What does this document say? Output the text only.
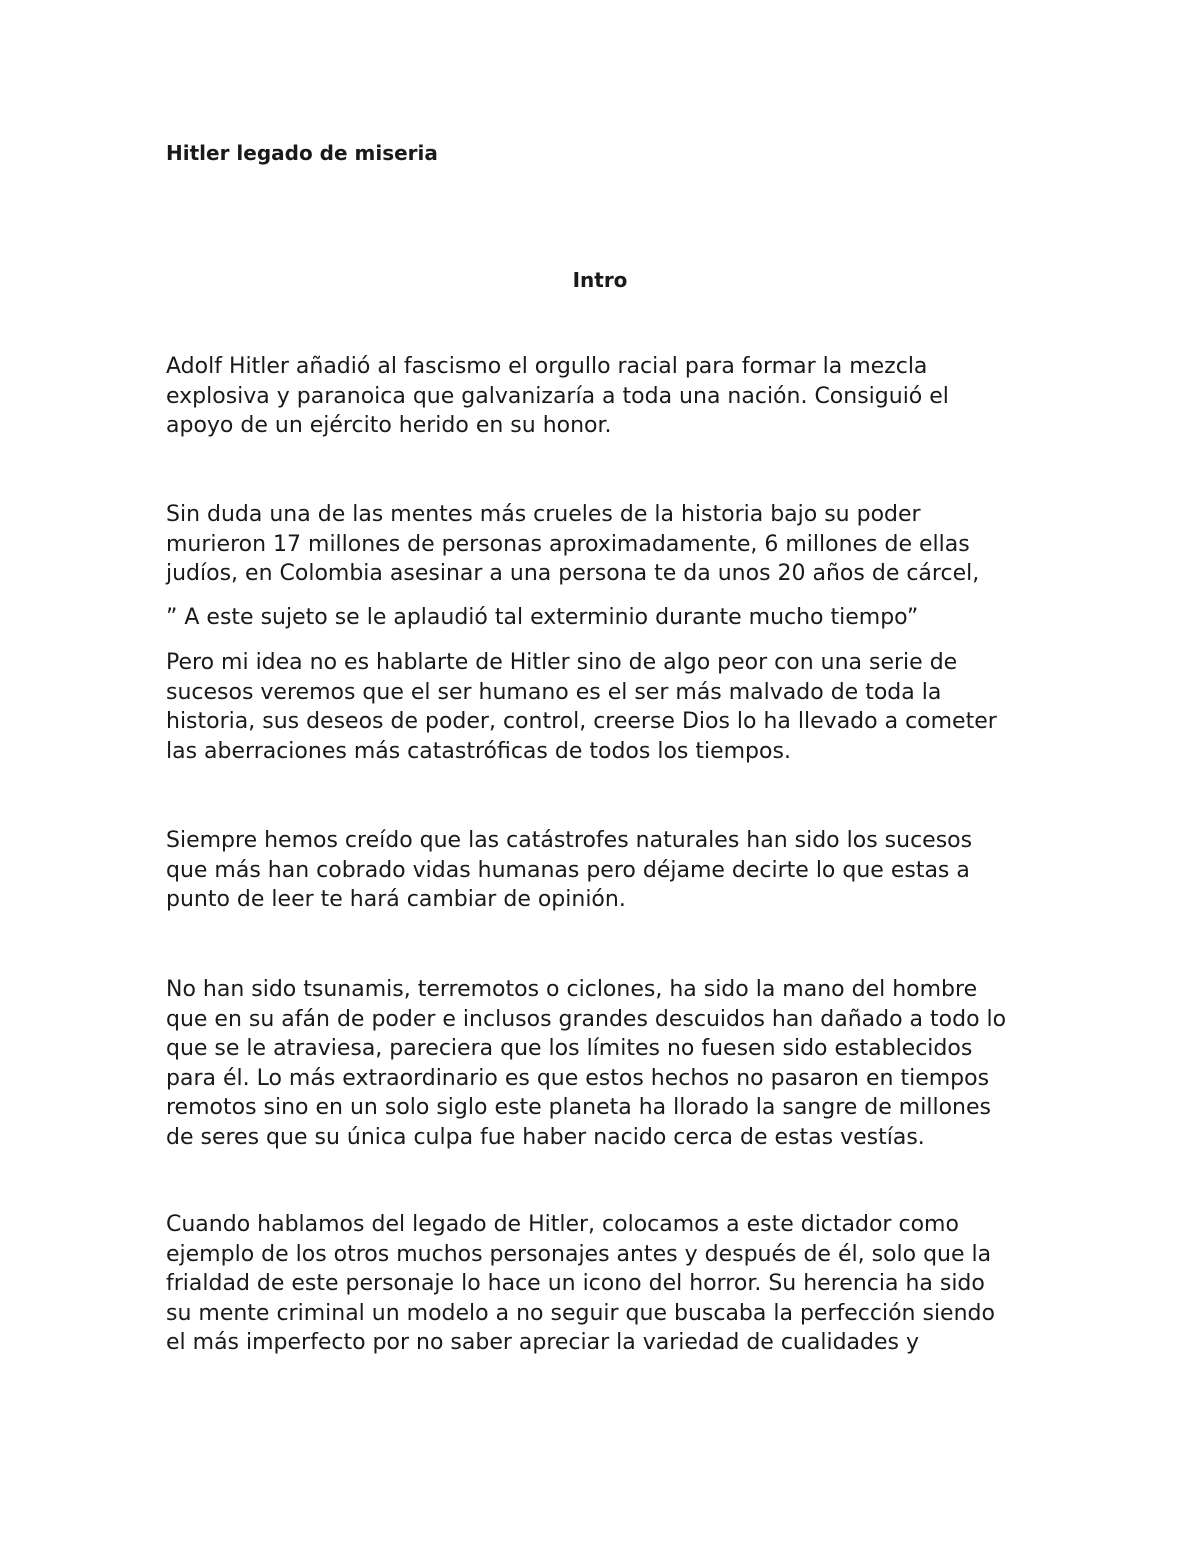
Hitler legado de miseria
Intro

Adolf Hitler añadió al fascismo el orgullo racial para formar la mezcla
explosiva y paranoica que galvanizaría a toda una nación. Consiguió el
apoyo de un ejército herido en su honor.

Sin duda una de las mentes más crueles de la historia bajo su poder
murieron 17 millones de personas aproximadamente, 6 millones de ellas
judíos, en Colombia asesinar a una persona te da unos 20 años de cárcel,

” A este sujeto se le aplaudió tal exterminio durante mucho tiempo”

Pero mi idea no es hablarte de Hitler sino de algo peor con una serie de
sucesos veremos que el ser humano es el ser más malvado de toda la
historia, sus deseos de poder, control, creerse Dios lo ha llevado a cometer
las aberraciones más catastróficas de todos los tiempos.

Siempre hemos creído que las catástrofes naturales han sido los sucesos
que más han cobrado vidas humanas pero déjame decirte lo que estas a
punto de leer te hará cambiar de opinión.

No han sido tsunamis, terremotos o ciclones, ha sido la mano del hombre
que en su afán de poder e inclusos grandes descuidos han dañado a todo lo
que se le atraviesa, pareciera que los límites no fuesen sido establecidos
para él. Lo más extraordinario es que estos hechos no pasaron en tiempos
remotos sino en un solo siglo este planeta ha llorado la sangre de millones
de seres que su única culpa fue haber nacido cerca de estas vestías.

Cuando hablamos del legado de Hitler, colocamos a este dictador como
ejemplo de los otros muchos personajes antes y después de él, solo que la
frialdad de este personaje lo hace un icono del horror. Su herencia ha sido
su mente criminal un modelo a no seguir que buscaba la perfección siendo
el más imperfecto por no saber apreciar la variedad de cualidades y
